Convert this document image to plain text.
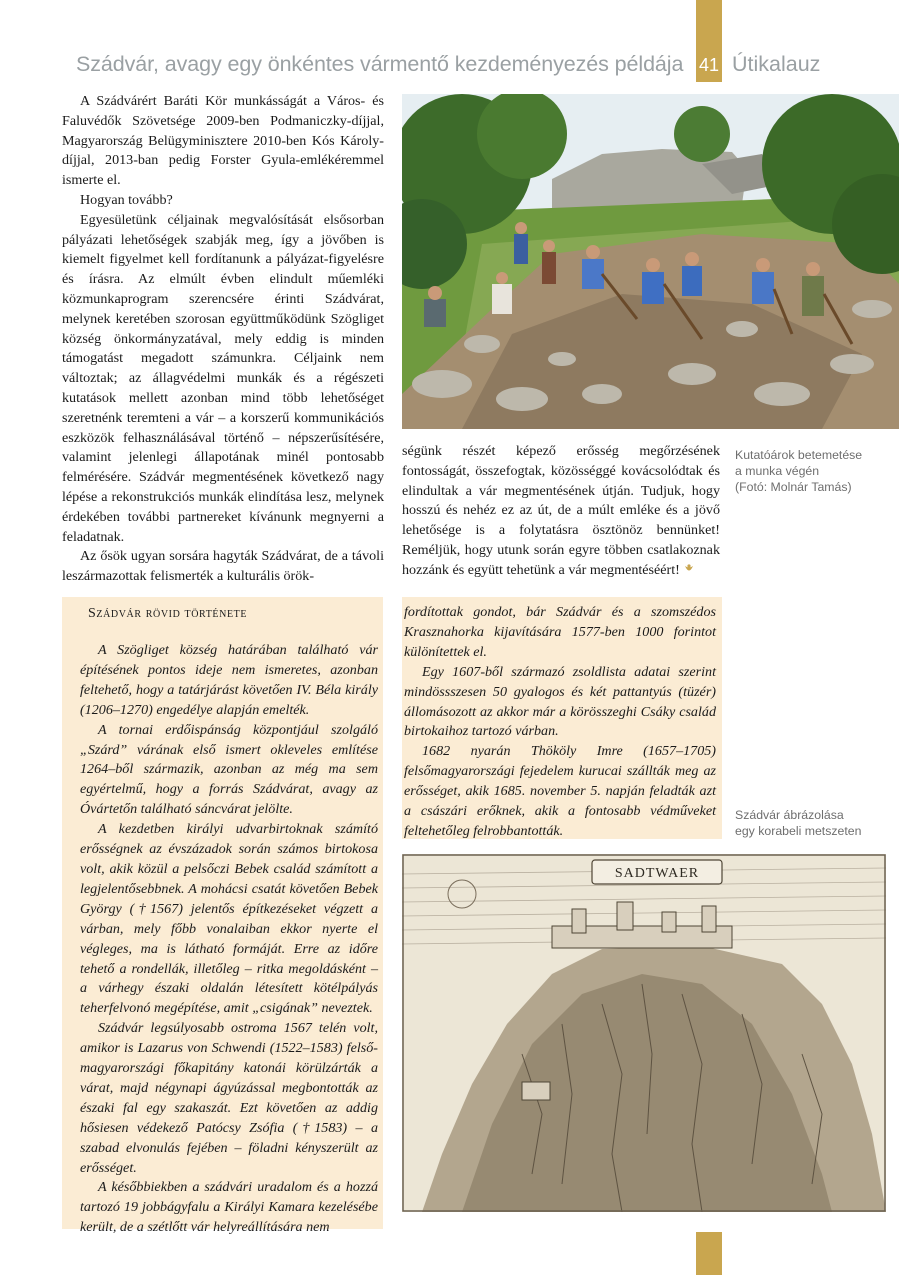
Szádvár, avagy egy önkéntes vármentő kezdeményezés példája 41 Útikalauz

A Szádvárért Baráti Kör munkásságát a Város- és Faluvédők Szövetsége 2009-ben Podmaniczky-díjjal, Magyarország Belügyminisztere 2010-ben Kós Károly-díjjal, 2013-ban pedig Forster Gyula-emlékéremmel ismerte el.

Hogyan tovább?

Egyesületünk céljainak megvalósítását elsősorban pályázati lehetőségek szabják meg, így a jövőben is kiemelt figyelmet kell fordítanunk a pályázat-figyelésre és írásra. Az elmúlt évben elindult műemléki közmunkaprogram szerencsére érinti Szádvárat, melynek keretében szorosan együttműködünk Szögliget község önkormányzatával, mely eddig is minden támogatást megadott számunkra. Céljaink nem változtak; az állagvédelmi munkák és a régészeti kutatások mellett azonban mind több lehetőséget szeretnénk teremteni a vár – a korszerű kommunikációs eszközök felhasználásával történő – népszerűsítésére, valamint jelenlegi állapotának minél pontosabb felmérésére. Szádvár megmentésének következő nagy lépése a rekonstrukciós munkák elindítása lesz, melynek érdekében további partnereket kívánunk megnyerni a feladatnak.

Az ősök ugyan sorsára hagyták Szádvárat, de a távoli leszármazottak felismerték a kulturális örök-

ségünk részét képező erősség megőrzésének fontosságát, összefogtak, közösséggé kovácsolódtak és elindultak a vár megmentésének útján. Tudjuk, hogy hosszú és nehéz ez az út, de a múlt emléke és a jövő lehetősége is a folytatásra ösztönöz bennünket! Reméljük, hogy utunk során egyre többen csatlakoznak hozzánk és együtt tehetünk a vár megmentéséért!

Kutatóárok betemetése
a munka végén
(Fotó: Molnár Tamás)
Szádvár rövid története

A Szögliget község határában található vár építésének pontos ideje nem ismeretes, azonban feltehető, hogy a tatárjárást követően IV. Béla király (1206–1270) engedélye alapján emelték.

A tornai erdőispánság központjául szolgáló „Szárd” várának első ismert okleveles említése 1264–ből származik, azonban az még ma sem egyértelmű, hogy a forrás Szádvárat, avagy az Óvártetőn található sáncvárat jelölte.

A kezdetben királyi udvarbirtoknak számító erősségnek az évszázadok során számos birtokosa volt, akik közül a pelsőczi Bebek család számított a legjelentősebbnek. A mohácsi csatát követően Bebek György (†1567) jelentős építkezéseket végzett a várban, mely főbb vonalaiban ekkor nyerte el végleges, ma is látható formáját. Erre az időre tehető a rondellák, illetőleg – ritka megoldásként – a várhegy északi oldalán létesített kötélpályás teherfelvonó megépítése, amit „csigának” neveztek.

Szádvár legsúlyosabb ostroma 1567 telén volt, amikor is Lazarus von Schwendi (1522–1583) felső-magyarországi főkapitány katonái körülzárták a várat, majd négynapi ágyúzással megbontották az északi fal egy szakaszát. Ezt követően az addig hősiesen védekező Patócsy Zsófia (†1583) – a szabad elvonulás fejében – föladni kényszerült az erősséget.

A későbbiekben a szádvári uradalom és a hozzá tartozó 19 jobbágyfalu a Királyi Kamara kezelésébe került, de a szétlőtt vár helyreállítására nem

fordítottak gondot, bár Szádvár és a szomszédos Krasznahorka kijavítására 1577-ben 1000 forintot különítettek el.

Egy 1607-ből származó zsoldlista adatai szerint mindössszesen 50 gyalogos és két pattantyús (tüzér) állomásozott az akkor már a körösszeghi Csáky család birtokaihoz tartozó várban.

1682 nyarán Thököly Imre (1657–1705) felsőmagyarországi fejedelem kurucai szállták meg az erősséget, akik 1685. november 5. napján feladták azt a császári erőknek, akik a fontosabb védműveket feltehetőleg felrobbantották.

Szádvár ábrázolása
egy korabeli metszeten
SADTWAER
